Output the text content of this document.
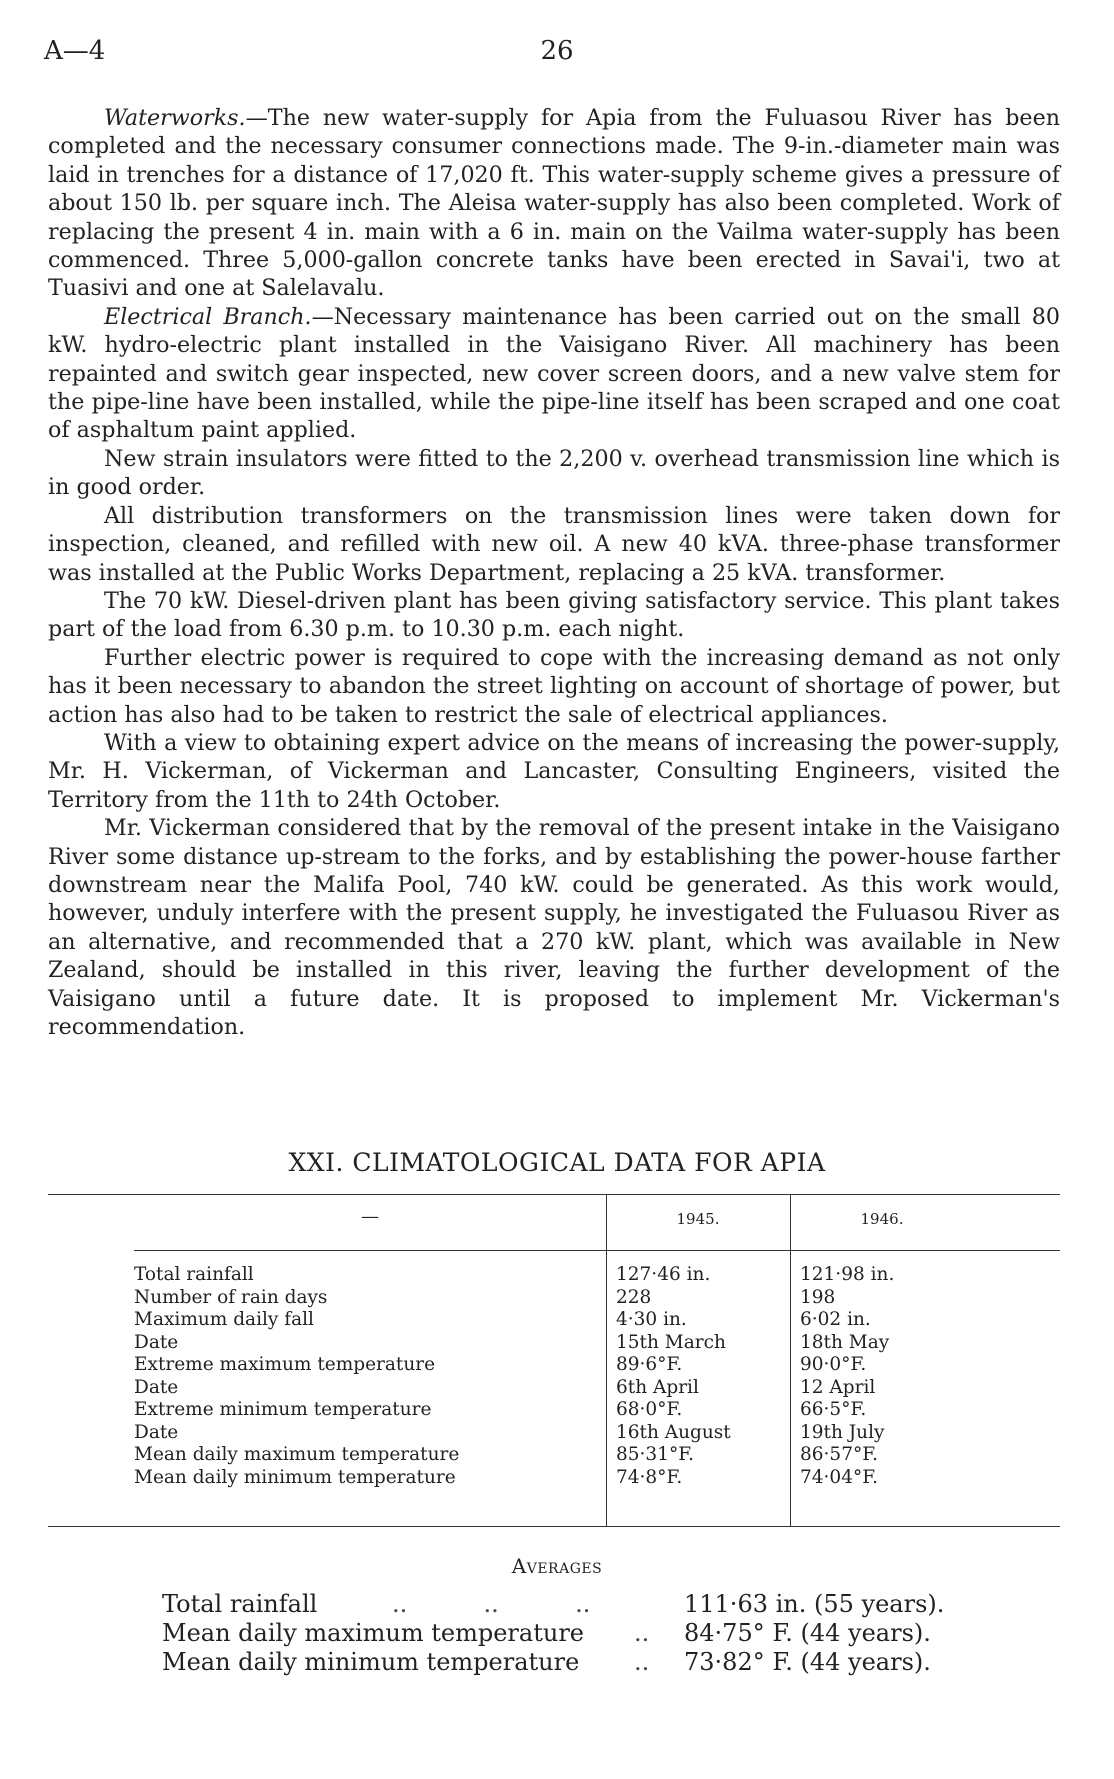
A—4	26

Waterworks.—The new water-supply for Apia from the Fuluasou River has been completed and the necessary consumer connections made. The 9-in.-diameter main was laid in trenches for a distance of 17,020 ft. This water-supply scheme gives a pressure of about 150 lb. per square inch. The Aleisa water-supply has also been completed. Work of replacing the present 4 in. main with a 6 in. main on the Vailma water-supply has been commenced. Three 5,000-gallon concrete tanks have been erected in Savai'i, two at Tuasivi and one at Salelavalu.

Electrical Branch.—Necessary maintenance has been carried out on the small 80 kW. hydro-electric plant installed in the Vaisigano River. All machinery has been repainted and switch gear inspected, new cover screen doors, and a new valve stem for the pipe-line have been installed, while the pipe-line itself has been scraped and one coat of asphaltum paint applied.

New strain insulators were fitted to the 2,200 v. overhead transmission line which is in good order.

All distribution transformers on the transmission lines were taken down for inspection, cleaned, and refilled with new oil. A new 40 kVA. three-phase transformer was installed at the Public Works Department, replacing a 25 kVA. transformer.

The 70 kW. Diesel-driven plant has been giving satisfactory service. This plant takes part of the load from 6.30 p.m. to 10.30 p.m. each night.

Further electric power is required to cope with the increasing demand as not only has it been necessary to abandon the street lighting on account of shortage of power, but action has also had to be taken to restrict the sale of electrical appliances.

With a view to obtaining expert advice on the means of increasing the power-supply, Mr. H. Vickerman, of Vickerman and Lancaster, Consulting Engineers, visited the Territory from the 11th to 24th October.

Mr. Vickerman considered that by the removal of the present intake in the Vaisigano River some distance up-stream to the forks, and by establishing the power-house farther downstream near the Malifa Pool, 740 kW. could be generated. As this work would, however, unduly interfere with the present supply, he investigated the Fuluasou River as an alternative, and recommended that a 270 kW. plant, which was available in New Zealand, should be installed in this river, leaving the further development of the Vaisigano until a future date. It is proposed to implement Mr. Vickerman's recommendation.

XXI. CLIMATOLOGICAL DATA FOR APIA
—	1945.	1946.
Total rainfall	127·46 in.	121·98 in.
Number of rain days	228	198
Maximum daily fall	4·30 in.	6·02 in.
Date	15th March	18th May
Extreme maximum temperature	89·6°F.	90·0°F.
Date	6th April	12 April
Extreme minimum temperature	68·0°F.	66·5°F.
Date	16th August	19th July
Mean daily maximum temperature	85·31°F.	86·57°F.
Mean daily minimum temperature	74·8°F.	74·04°F.
Averages
Total rainfall	..          ..          ..	111·63 in. (55 years).
Mean daily maximum temperature .. 84·75° F. (44 years).
Mean daily minimum temperature .. 73·82° F. (44 years).
